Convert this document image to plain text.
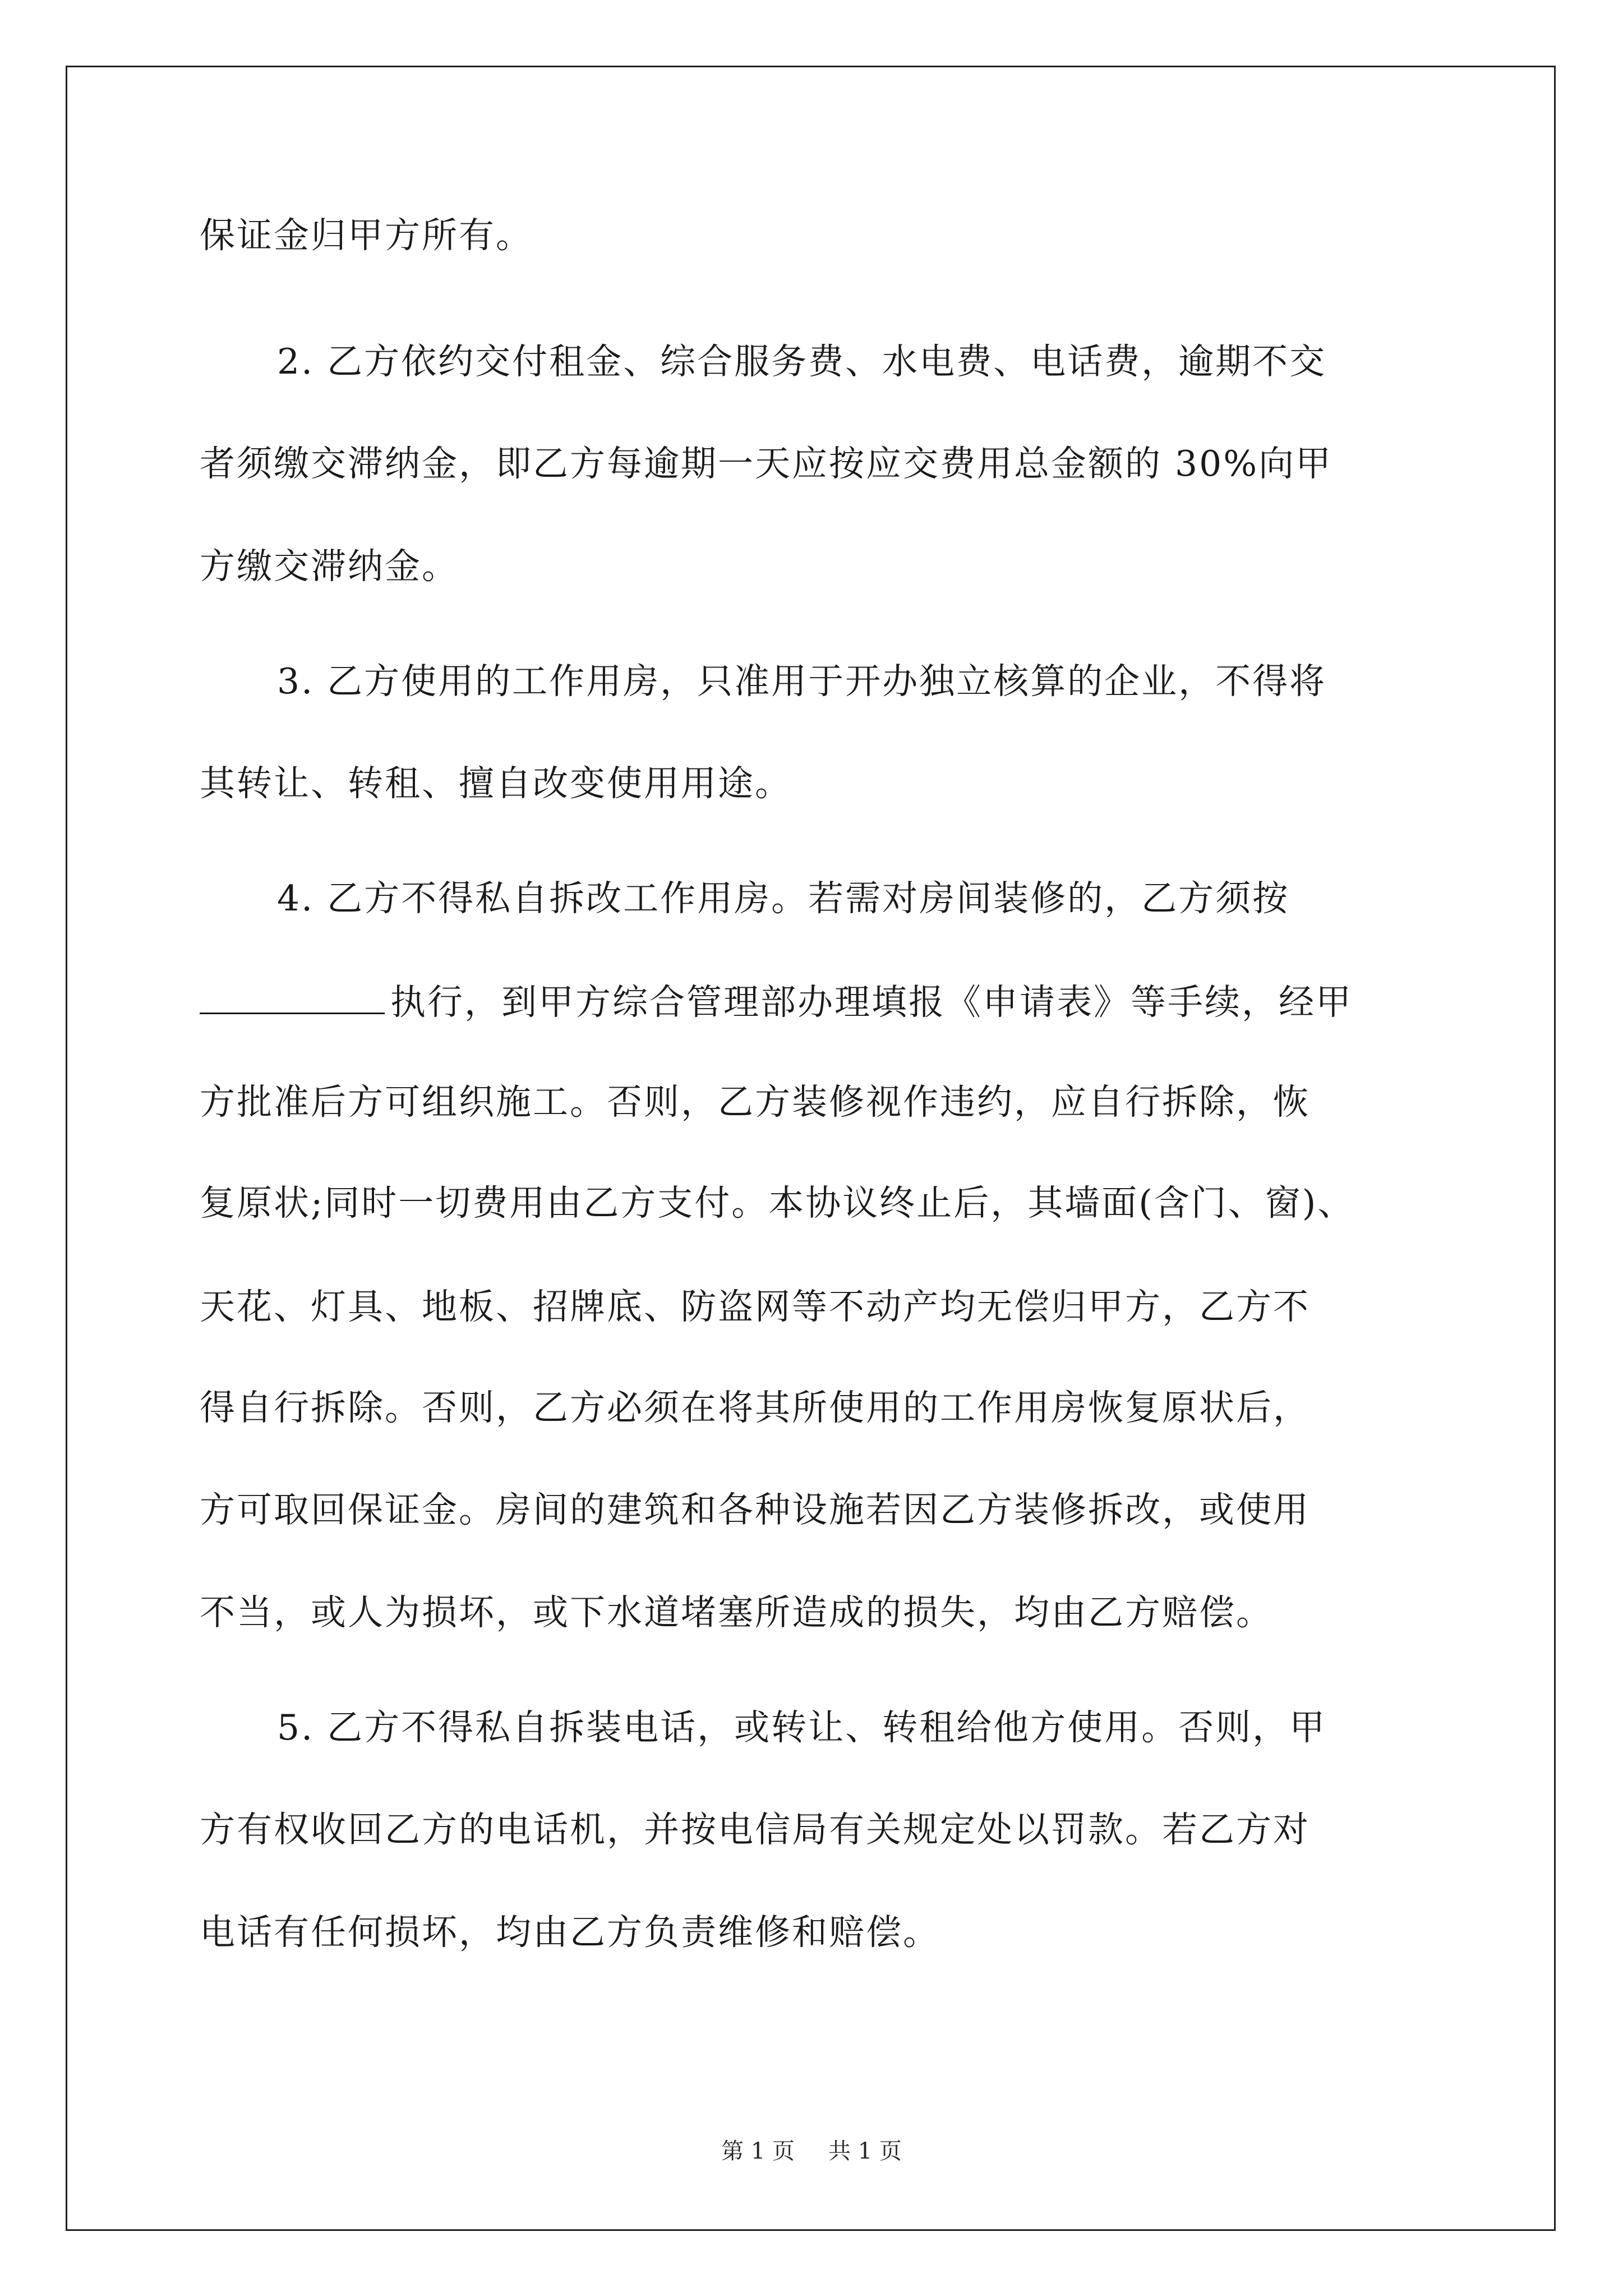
保证金归甲方所有。
2. 乙方依约交付租金、综合服务费、水电费、电话费，逾期不交
者须缴交滞纳金，即乙方每逾期一天应按应交费用总金额的 30%向甲
方缴交滞纳金。
3. 乙方使用的工作用房，只准用于开办独立核算的企业，不得将
其转让、转租、擅自改变使用用途。
4. 乙方不得私自拆改工作用房。若需对房间装修的，乙方须按
执行，到甲方综合管理部办理填报《申请表》等手续，经甲
方批准后方可组织施工。否则，乙方装修视作违约，应自行拆除，恢
复原状;同时一切费用由乙方支付。本协议终止后，其墙面(含门、窗)、
天花、灯具、地板、招牌底、防盗网等不动产均无偿归甲方，乙方不
得自行拆除。否则，乙方必须在将其所使用的工作用房恢复原状后，
方可取回保证金。房间的建筑和各种设施若因乙方装修拆改，或使用
不当，或人为损坏，或下水道堵塞所造成的损失，均由乙方赔偿。
5. 乙方不得私自拆装电话，或转让、转租给他方使用。否则，甲
方有权收回乙方的电话机，并按电信局有关规定处以罚款。若乙方对
电话有任何损坏，均由乙方负责维修和赔偿。
第 1 页 共 1 页
